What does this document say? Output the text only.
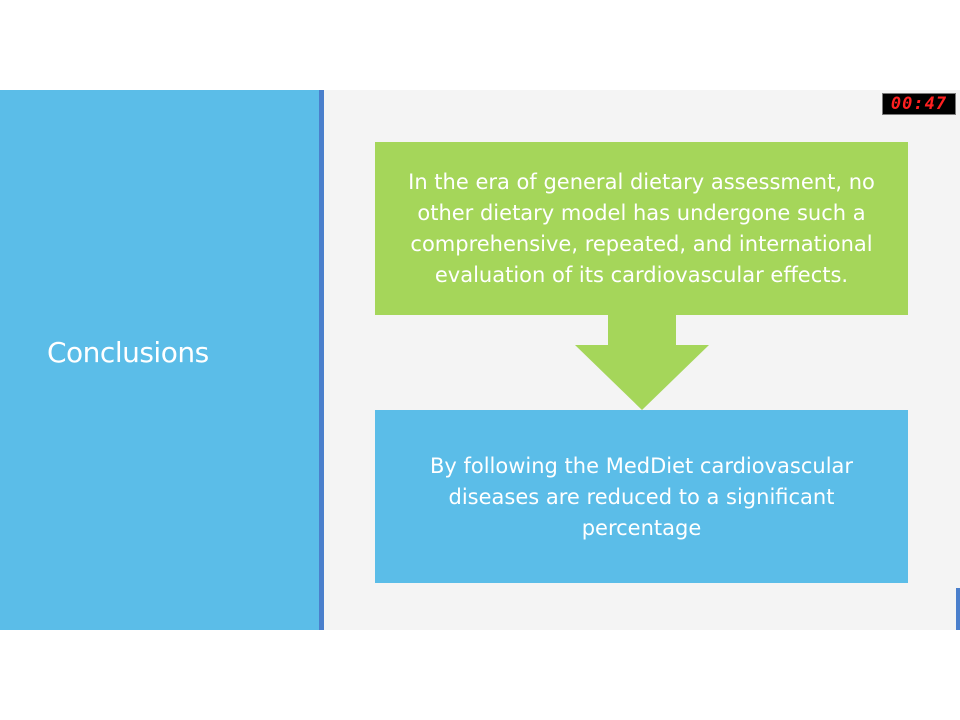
Conclusions
In the era of general dietary assessment, no other dietary model has undergone such a comprehensive, repeated, and international evaluation of its cardiovascular effects.
By following the MedDiet cardiovascular diseases are reduced to a significant percentage
00:47
